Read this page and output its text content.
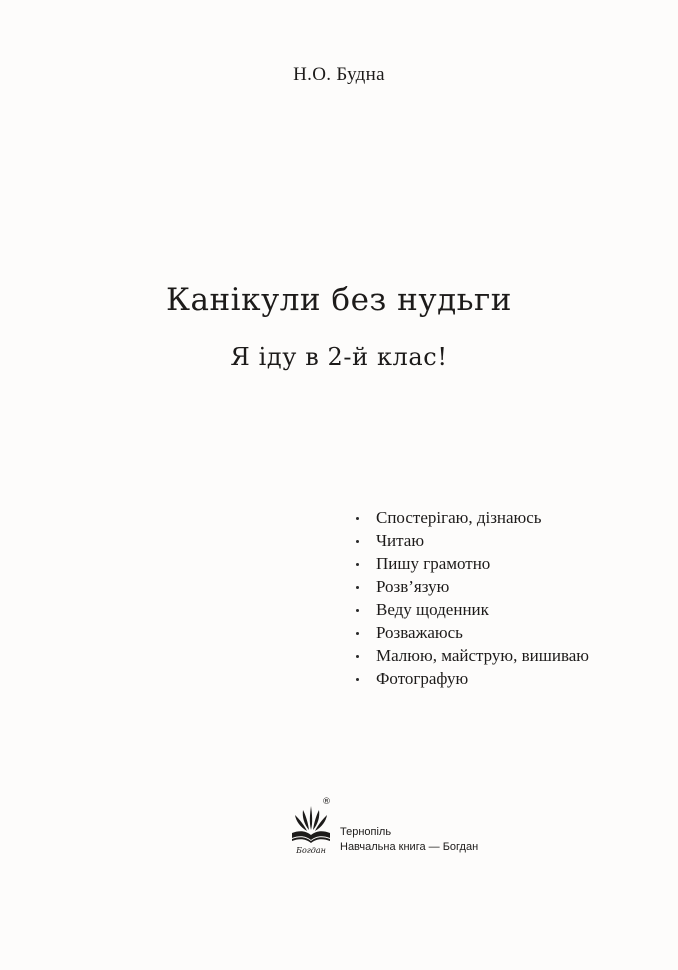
Н.О. Будна
Канікули без нудьги
Я іду в 2-й клас!
Спостерігаю, дізнаюсь
Читаю
Пишу грамотно
Розв’язую
Веду щоденник
Розважаюсь
Малюю, майструю, вишиваю
Фотографую
Богдан
®
Тернопіль
Навчальна книга — Богдан
